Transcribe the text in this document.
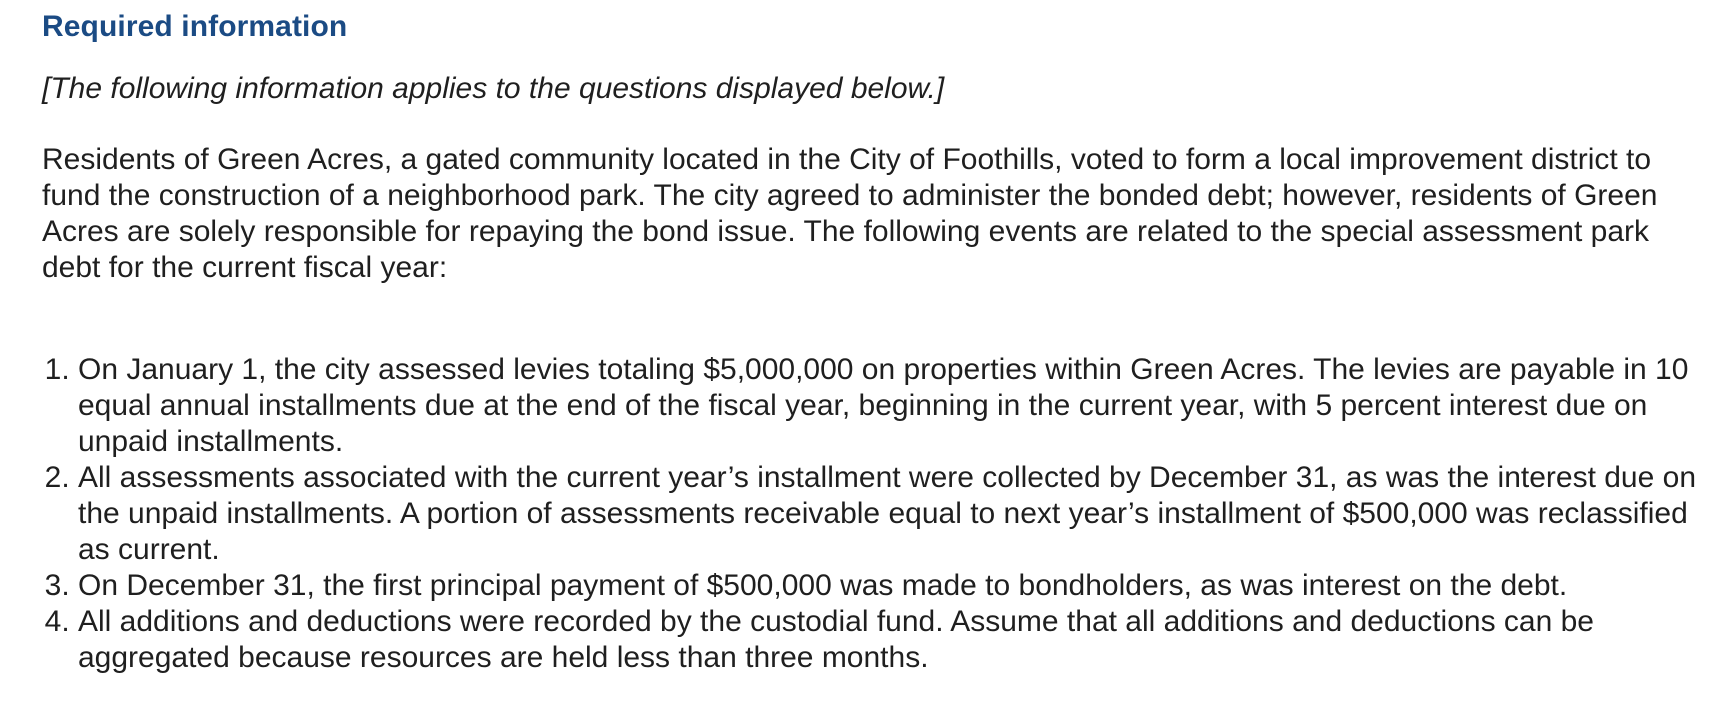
Required information

[The following information applies to the questions displayed below.]

Residents of Green Acres, a gated community located in the City of Foothills, voted to form a local improvement district to fund the construction of a neighborhood park. The city agreed to administer the bonded debt; however, residents of Green Acres are solely responsible for repaying the bond issue. The following events are related to the special assessment park debt for the current fiscal year:

1. On January 1, the city assessed levies totaling $5,000,000 on properties within Green Acres. The levies are payable in 10 equal annual installments due at the end of the fiscal year, beginning in the current year, with 5 percent interest due on unpaid installments.
2. All assessments associated with the current year’s installment were collected by December 31, as was the interest due on the unpaid installments. A portion of assessments receivable equal to next year’s installment of $500,000 was reclassified as current.
3. On December 31, the first principal payment of $500,000 was made to bondholders, as was interest on the debt.
4. All additions and deductions were recorded by the custodial fund. Assume that all additions and deductions can be aggregated because resources are held less than three months.
